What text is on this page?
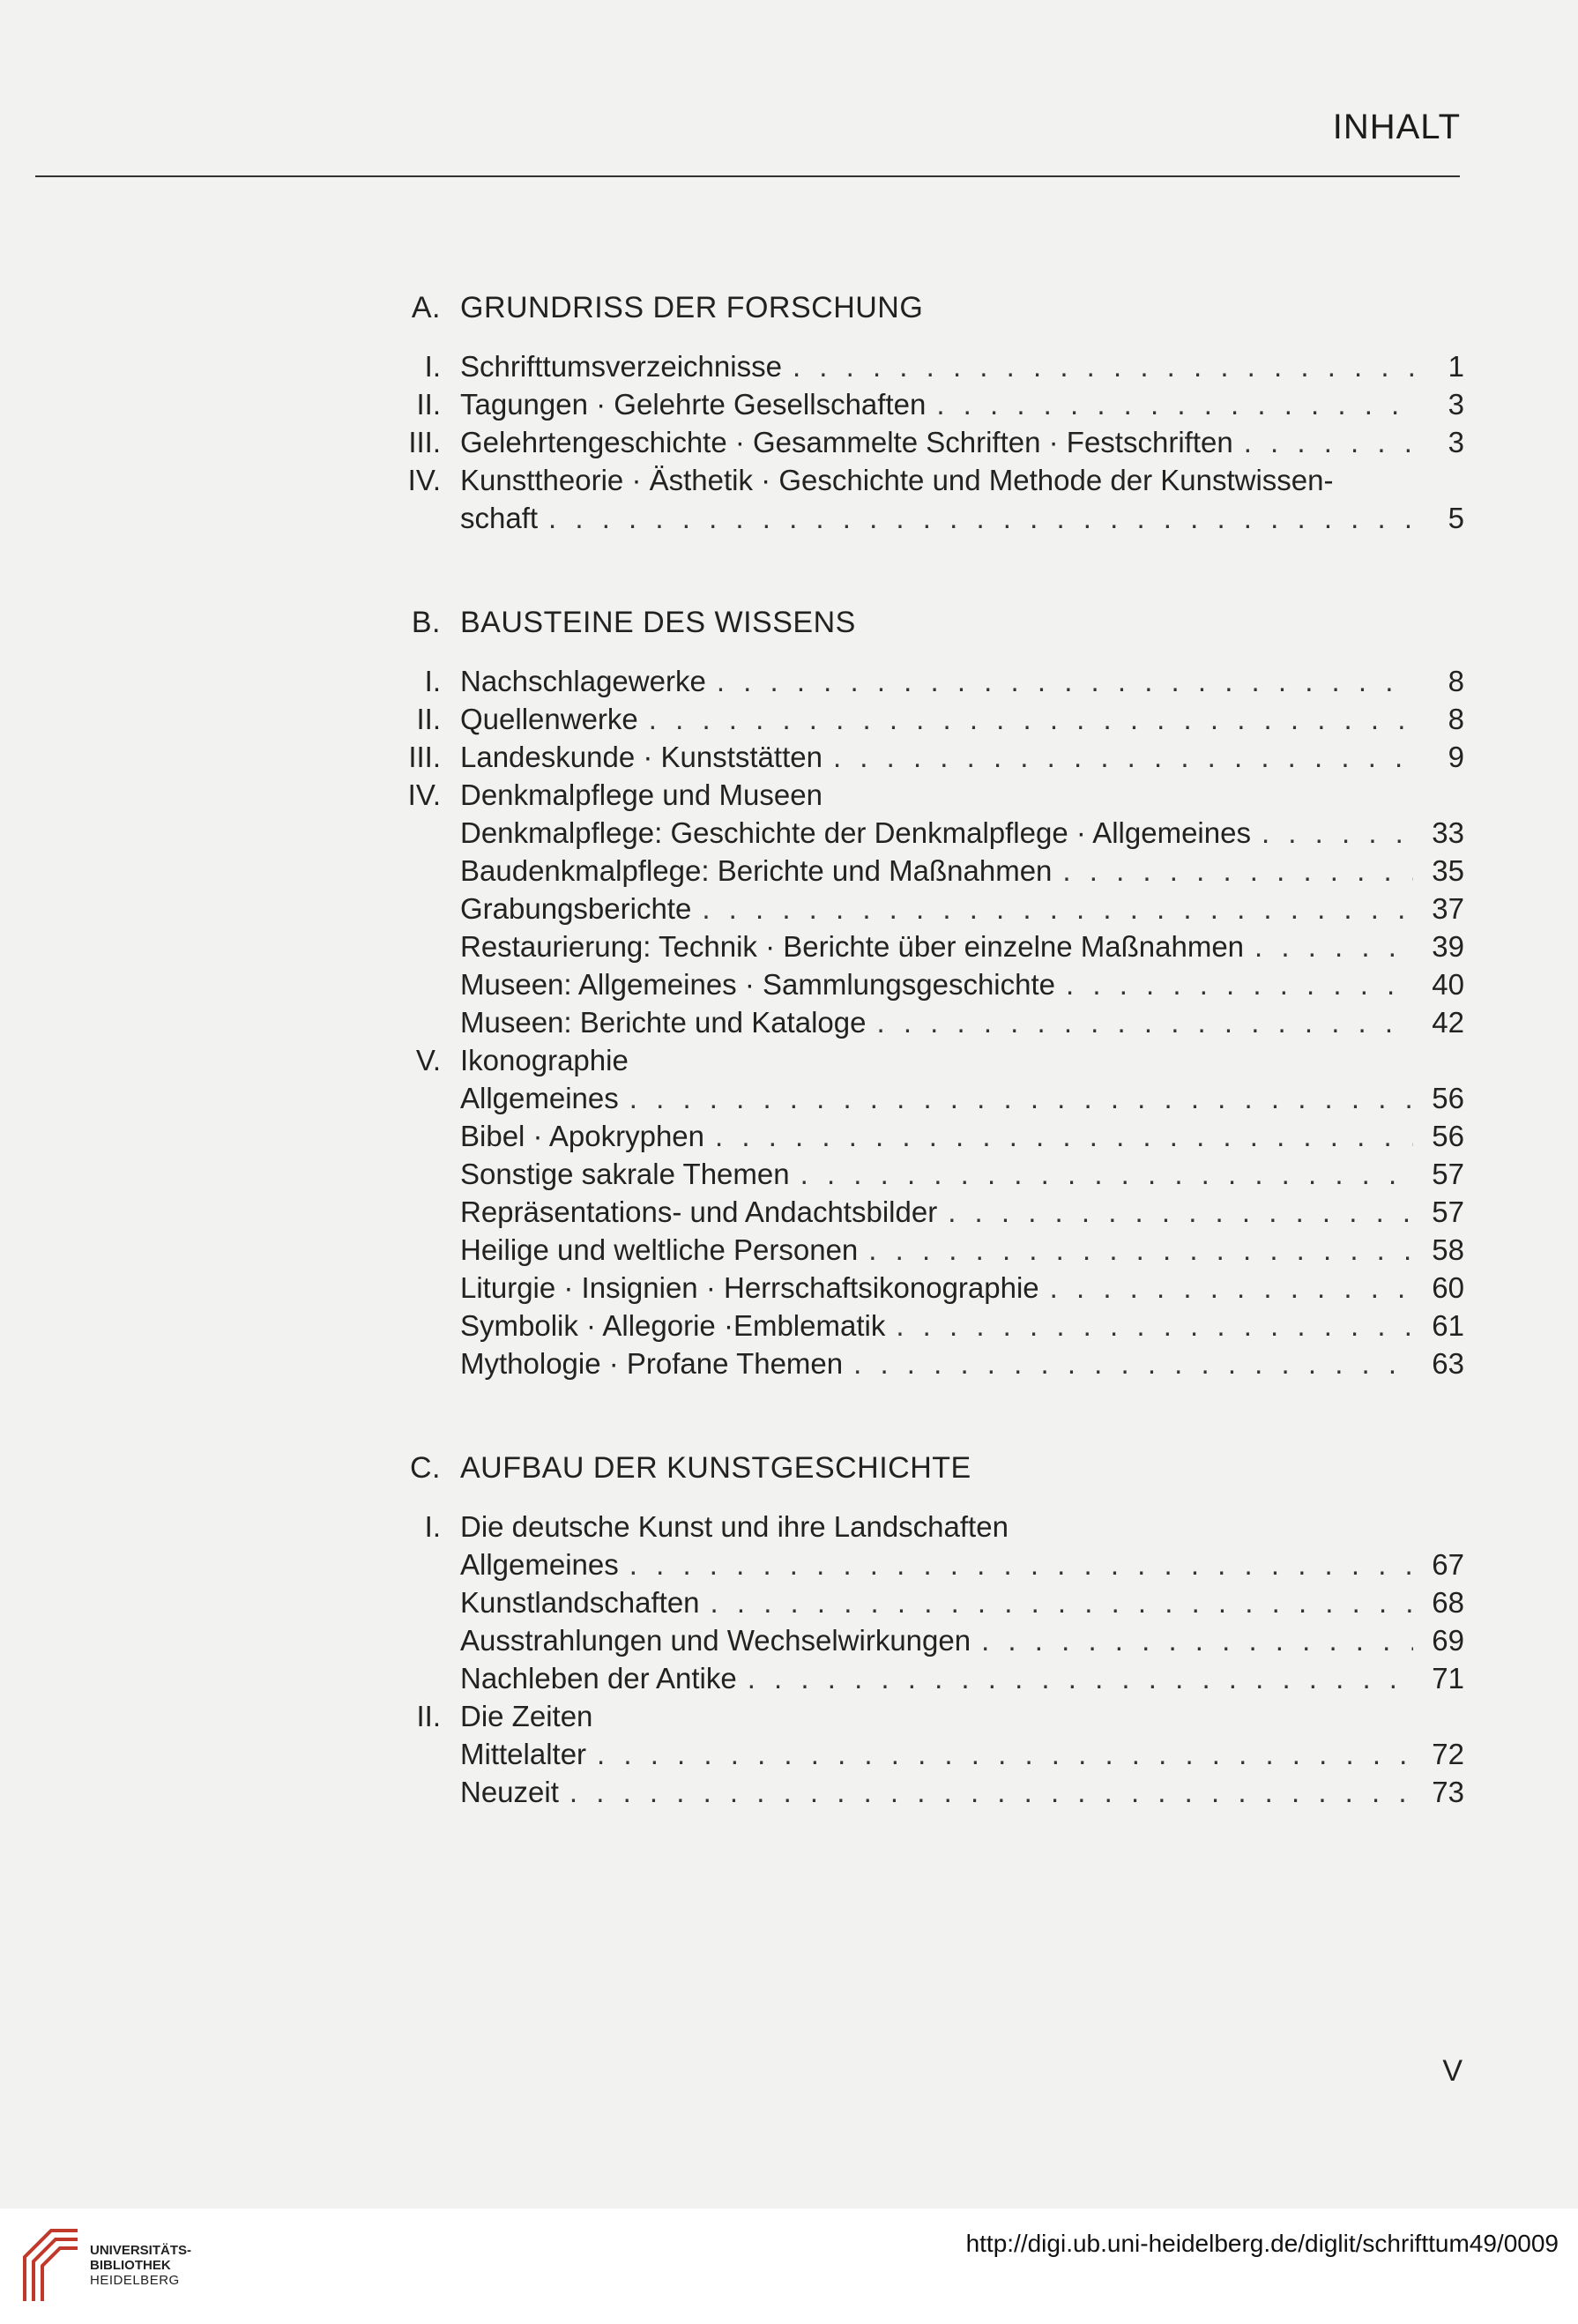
INHALT
A. GRUNDRISS DER FORSCHUNG
I. Schrifttumsverzeichnisse . . .	1
II. Tagungen · Gelehrte Gesellschaften . . .	3
III. Gelehrtengeschichte · Gesammelte Schriften · Festschriften . . .	3
IV. Kunsttheorie · Ästhetik · Geschichte und Methode der Kunstwissen-
schaft . . .	5
B. BAUSTEINE DES WISSENS
I. Nachschlagewerke . . .	8
II. Quellenwerke . . .	8
III. Landeskunde · Kunststätten . . .	9
IV. Denkmalpflege und Museen
Denkmalpflege: Geschichte der Denkmalpflege · Allgemeines . . .	33
Baudenkmalpflege: Berichte und Maßnahmen . . .	35
Grabungsberichte . . .	37
Restaurierung: Technik · Berichte über einzelne Maßnahmen . . .	39
Museen: Allgemeines · Sammlungsgeschichte . . .	40
Museen: Berichte und Kataloge . . .	42
V. Ikonographie
Allgemeines . . .	56
Bibel · Apokryphen . . .	56
Sonstige sakrale Themen . . .	57
Repräsentations- und Andachtsbilder . . .	57
Heilige und weltliche Personen . . .	58
Liturgie · Insignien · Herrschaftsikonographie . . .	60
Symbolik · Allegorie ·Emblematik . . .	61
Mythologie · Profane Themen . . .	63
C. AUFBAU DER KUNSTGESCHICHTE
I. Die deutsche Kunst und ihre Landschaften
Allgemeines . . .	67
Kunstlandschaften . . .	68
Ausstrahlungen und Wechselwirkungen . . .	69
Nachleben der Antike . . .	71
II. Die Zeiten
Mittelalter . . .	72
Neuzeit . . .	73
V
UNIVERSITÄTS-
BIBLIOTHEK
HEIDELBERG
http://digi.ub.uni-heidelberg.de/diglit/schrifttum49/0009
